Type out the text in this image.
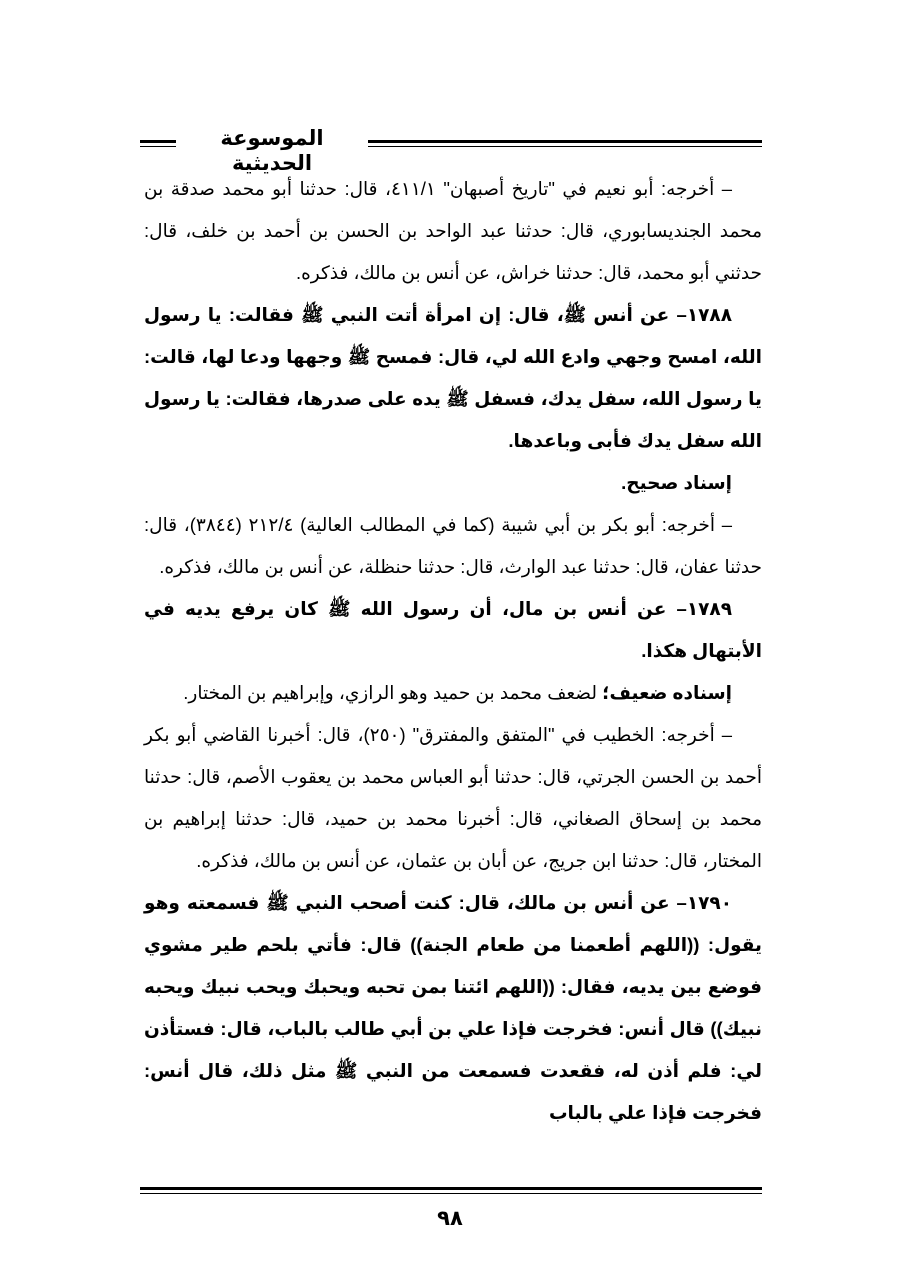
الموسوعة الحديثية

– أخرجه: أبو نعيم في "تاريخ أصبهان" ٤١١/١، قال: حدثنا أبو محمد صدقة بن محمد الجنديسابوري، قال: حدثنا عبد الواحد بن الحسن بن أحمد بن خلف، قال: حدثني أبو محمد، قال: حدثنا خراش، عن أنس بن مالك، فذكره.

١٧٨٨– عن أنس ﷺ، قال: إن امرأة أتت النبي ﷺ فقالت: يا رسول الله، امسح وجهي وادع الله لي، قال: فمسح ﷺ وجهها ودعا لها، قالت: يا رسول الله، سفل يدك، فسفل ﷺ يده على صدرها، فقالت: يا رسول الله سفل يدك فأبى وباعدها.

إسناد صحيح.

– أخرجه: أبو بكر بن أبي شيبة (كما في المطالب العالية) ٢١٢/٤ (٣٨٤٤)، قال: حدثنا عفان، قال: حدثنا عبد الوارث، قال: حدثنا حنظلة، عن أنس بن مالك، فذكره.

١٧٨٩– عن أنس بن مال، أن رسول الله ﷺ كان يرفع يديه في الأبتهال هكذا.

إسناده ضعيف؛ لضعف محمد بن حميد وهو الرازي، وإبراهيم بن المختار.

– أخرجه: الخطيب في "المتفق والمفترق" (٢٥٠)، قال: أخبرنا القاضي أبو بكر أحمد بن الحسن الجرتي، قال: حدثنا أبو العباس محمد بن يعقوب الأصم، قال: حدثنا محمد بن إسحاق الصغاني، قال: أخبرنا محمد بن حميد، قال: حدثنا إبراهيم بن المختار، قال: حدثنا ابن جريج، عن أبان بن عثمان، عن أنس بن مالك، فذكره.

١٧٩٠– عن أنس بن مالك، قال: كنت أصحب النبي ﷺ فسمعته وهو يقول: ((اللهم أطعمنا من طعام الجنة)) قال: فأتي بلحم طير مشوي فوضع بين يديه، فقال: ((اللهم ائتنا بمن تحبه ويحبك ويحب نبيك ويحبه نبيك)) قال أنس: فخرجت فإذا علي بن أبي طالب بالباب، قال: فستأذن لي: فلم أذن له، فقعدت فسمعت من النبي ﷺ مثل ذلك، قال أنس: فخرجت فإذا علي بالباب

٩٨
